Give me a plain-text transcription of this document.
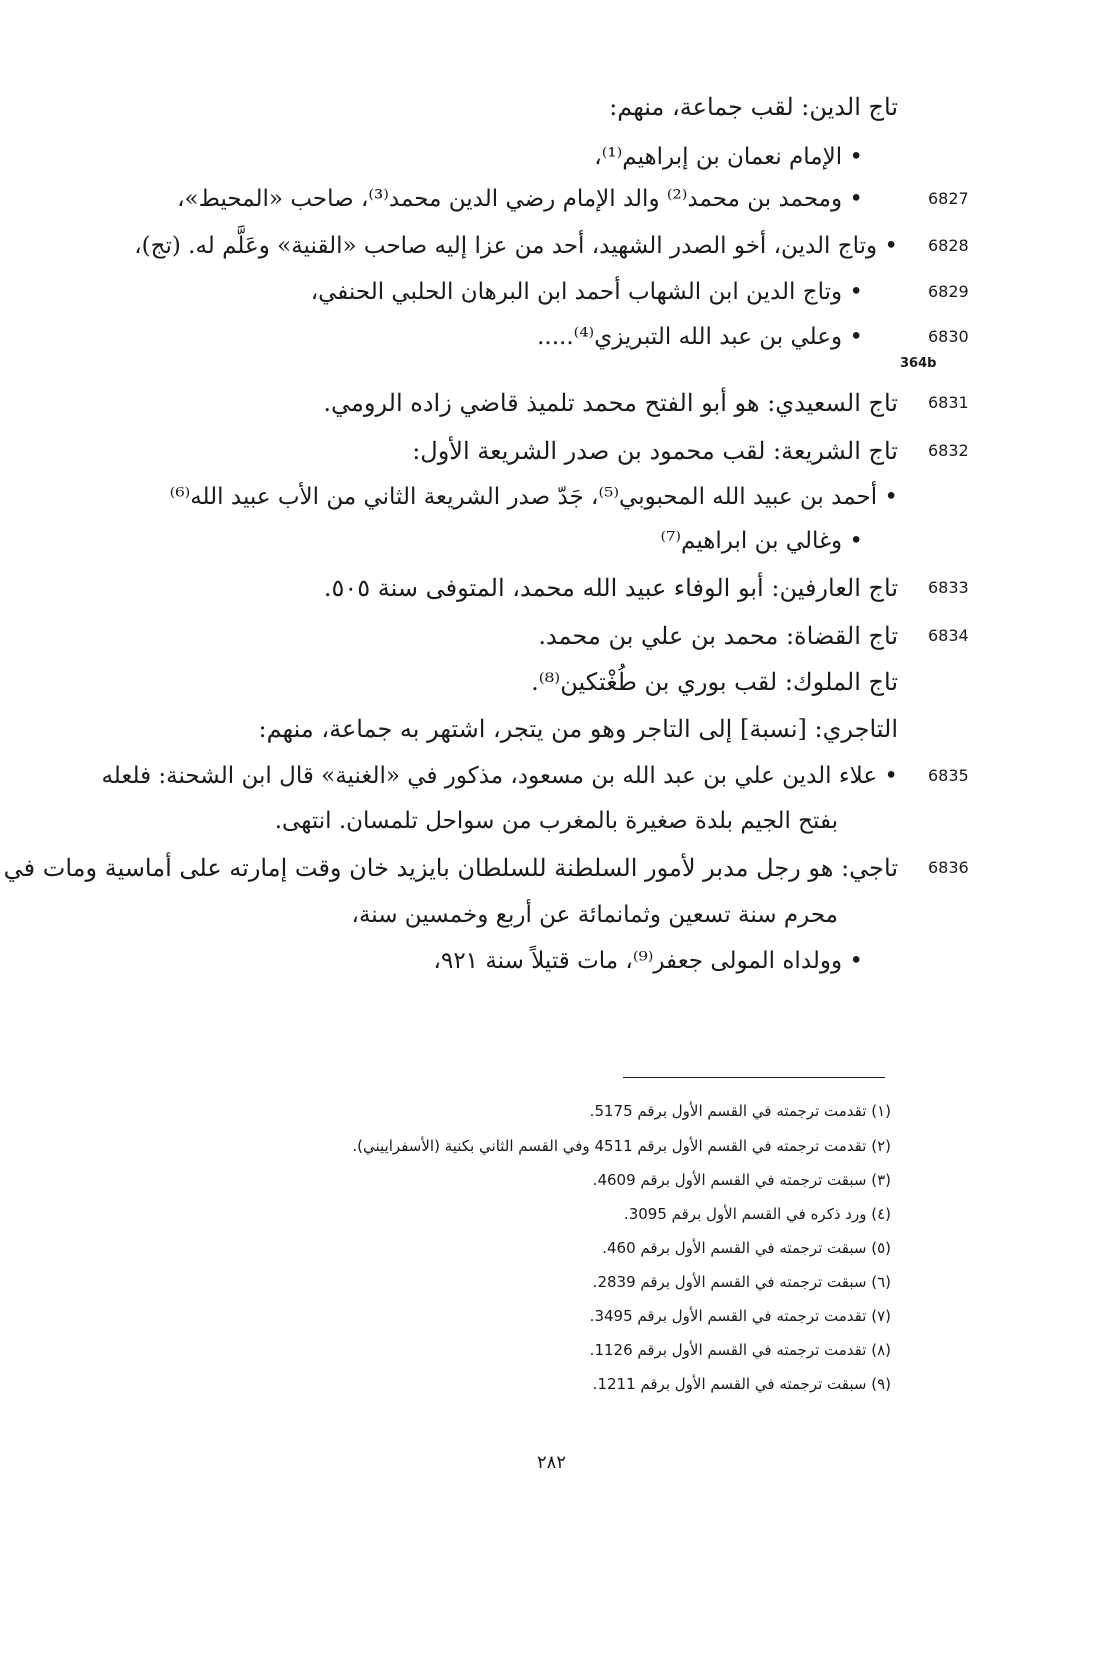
تاج الدين: لقب جماعة، منهم:
• الإمام نعمان بن إبراهيم⁽¹⁾،
• ومحمد بن محمد⁽²⁾ والد الإمام رضي الدين محمد⁽³⁾، صاحب «المحيط»،	6827
• وتاج الدين، أخو الصدر الشهيد، أحد من عزا إليه صاحب «القنية» وعَلَّم له. (تج)، 6828
• وتاج الدين ابن الشهاب أحمد ابن البرهان الحلبي الحنفي،	6829
• وعلي بن عبد الله التبريزي⁽⁴⁾.....	6830
364b
تاج السعيدي: هو أبو الفتح محمد تلميذ قاضي زاده الرومي. 6831
تاج الشريعة: لقب محمود بن صدر الشريعة الأول: 6832
• أحمد بن عبيد الله المحبوبي⁽⁵⁾، جَدّ صدر الشريعة الثاني من الأب عبيد الله⁽⁶⁾
• وغالي بن ابراهيم⁽⁷⁾
تاج العارفين: أبو الوفاء عبيد الله محمد، المتوفى سنة ٥٠٥. 6833
تاج القضاة: محمد بن علي بن محمد. 6834
تاج الملوك: لقب بوري بن طُغْتكين⁽⁸⁾.
التاجري: [نسبة] إلى التاجر وهو من يتجر، اشتهر به جماعة، منهم:
• علاء الدين علي بن عبد الله بن مسعود، مذكور في «الغنية» قال ابن الشحنة: فلعله 6835
بفتح الجيم بلدة صغيرة بالمغرب من سواحل تلمسان. انتهى.
تاجي: هو رجل مدبر لأمور السلطنة للسلطان بايزيد خان وقت إمارته على أماسية ومات في 6836
محرم سنة تسعين وثمانمائة عن أربع وخمسين سنة،
• وولداه المولى جعفر⁽⁹⁾، مات قتيلاً سنة ٩٢١،
(١) تقدمت ترجمته في القسم الأول برقم 5175.
(٢) تقدمت ترجمته في القسم الأول برقم 4511 وفي القسم الثاني بكنية (الأسفراييني).
(٣) سبقت ترجمته في القسم الأول برقم 4609.
(٤) ورد ذكره في القسم الأول برقم 3095.
(٥) سبقت ترجمته في القسم الأول برقم 460.
(٦) سبقت ترجمته في القسم الأول برقم 2839.
(٧) تقدمت ترجمته في القسم الأول برقم 3495.
(٨) تقدمت ترجمته في القسم الأول برقم 1126.
(٩) سبقت ترجمته في القسم الأول برقم 1211.
٢٨٢
